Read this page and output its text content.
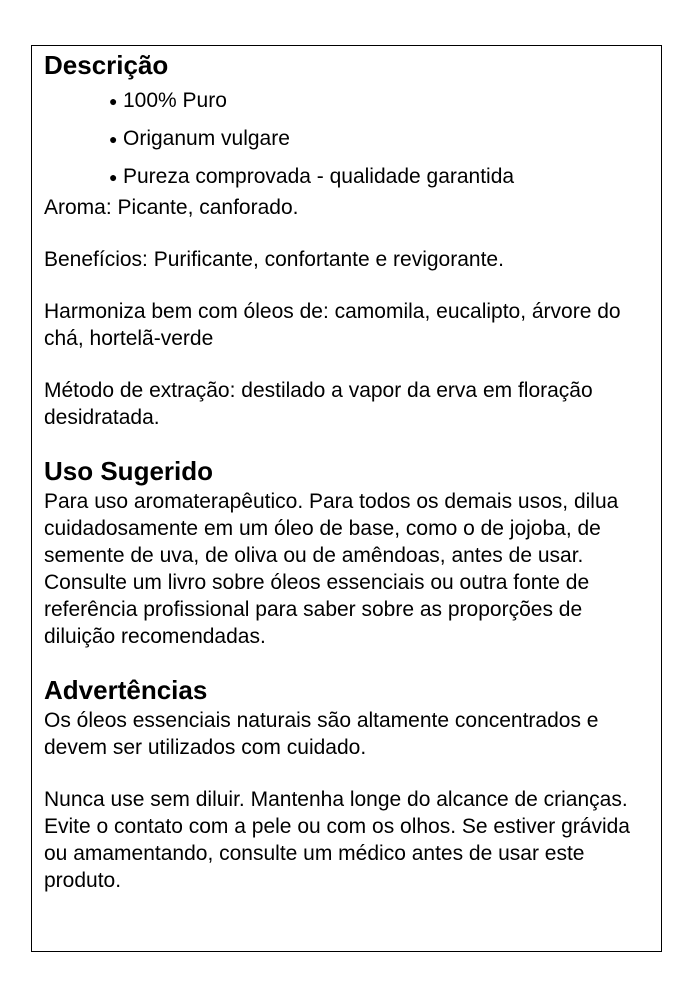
Descrição
● 100% Puro
● Origanum vulgare
● Pureza comprovada - qualidade garantida

Aroma: Picante, canforado.

Benefícios: Purificante, confortante e revigorante.

Harmoniza bem com óleos de: camomila, eucalipto, árvore do chá, hortelã-verde

Método de extração: destilado a vapor da erva em floração desidratada.

Uso Sugerido

Para uso aromaterapêutico. Para todos os demais usos, dilua cuidadosamente em um óleo de base, como o de jojoba, de semente de uva, de oliva ou de amêndoas, antes de usar. Consulte um livro sobre óleos essenciais ou outra fonte de referência profissional para saber sobre as proporções de diluição recomendadas.

Advertências

Os óleos essenciais naturais são altamente concentrados e devem ser utilizados com cuidado.

Nunca use sem diluir. Mantenha longe do alcance de crianças. Evite o contato com a pele ou com os olhos. Se estiver grávida ou amamentando, consulte um médico antes de usar este produto.
